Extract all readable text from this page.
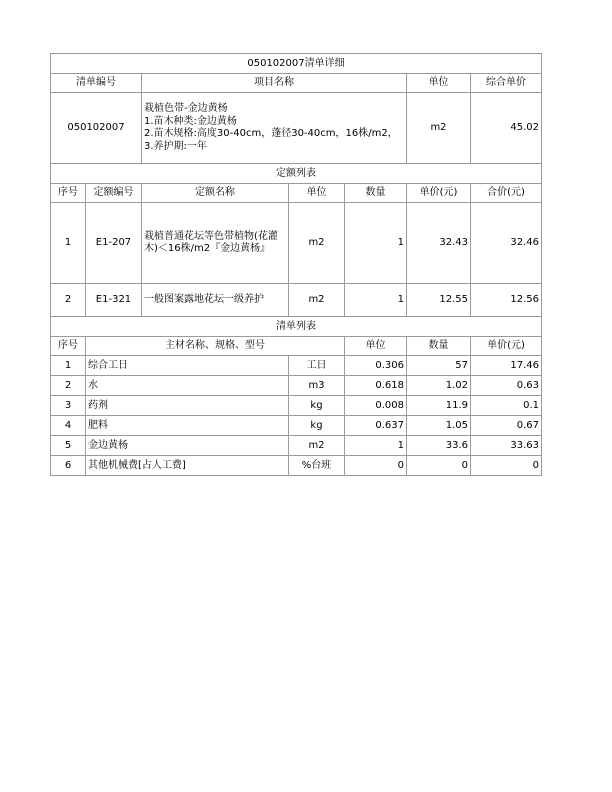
050102007清单详细							
清单编号		项目名称			单位	综合单价	
050102007		栽植色带-金边黄杨
1.苗木种类:金边黄杨
2.苗木规格:高度30-40cm，蓬径30-40cm，16株/m2，
3.养护期:一年			m2	45.02	
定额列表							
序号	定额编号	定额名称	单位	数量	单价(元)	合价(元)	
1	E1-207	栽植普通花坛等色带植物(花灌木)＜16株/m2『金边黄杨』	m2	1	32.43	32.46	
2	E1-321	一般图案露地花坛一级养护	m2	1	12.55	12.56	
清单列表							
序号	主材名称、规格、型号			单位	数量	单价(元)	
1	综合工日		工日	0.306	57	17.46	
2	水		m3	0.618	1.02	0.63	
3	药剂		kg	0.008	11.9	0.1	
4	肥料		kg	0.637	1.05	0.67	
5	金边黄杨		m2	1	33.6	33.63	
6	其他机械费[占人工费]		%台班	0	0	0	
